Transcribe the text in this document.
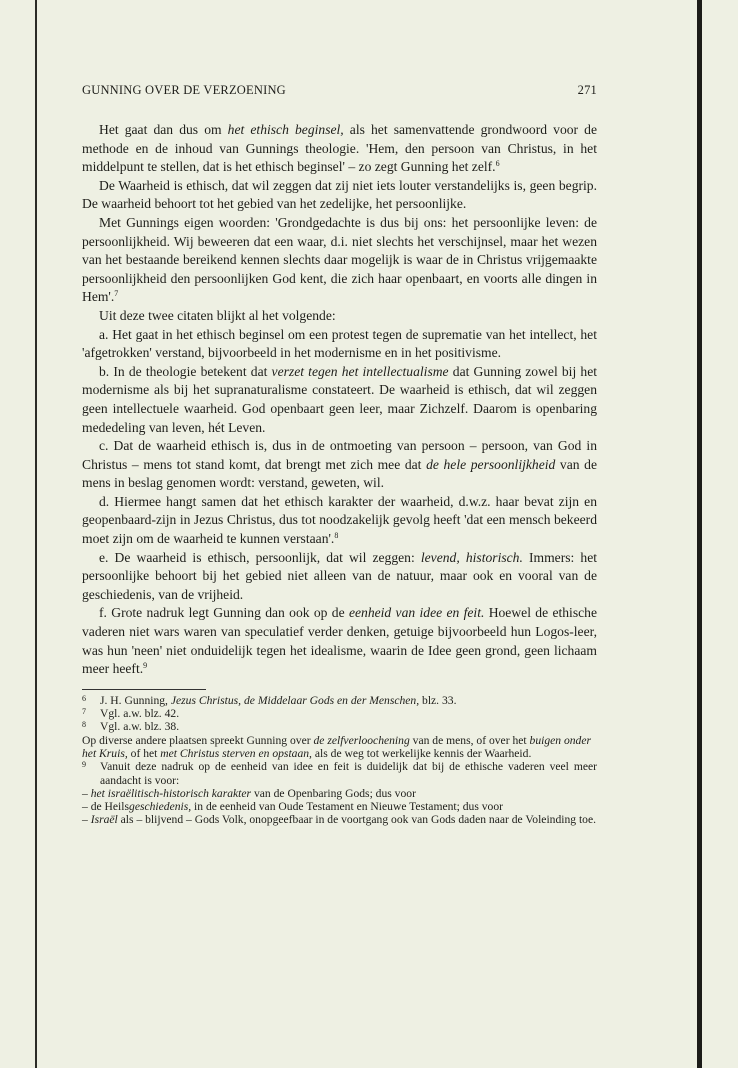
GUNNING OVER DE VERZOENING	271

Het gaat dan dus om het ethisch beginsel, als het samenvattende grondwoord voor de methode en de inhoud van Gunnings theologie. 'Hem, den persoon van Christus, in het middelpunt te stellen, dat is het ethisch beginsel' – zo zegt Gunning het zelf.$^6$

De Waarheid is ethisch, dat wil zeggen dat zij niet iets louter verstandelijks is, geen begrip. De waarheid behoort tot het gebied van het zedelijke, het persoonlijke.

Met Gunnings eigen woorden: 'Grondgedachte is dus bij ons: het persoonlijke leven: de persoonlijkheid. Wij beweeren dat een waar, d.i. niet slechts het verschijnsel, maar het wezen van het bestaande bereikend kennen slechts daar mogelijk is waar de in Christus vrijgemaakte persoonlijkheid den persoonlijken God kent, die zich haar openbaart, en voorts alle dingen in Hem'.$^7$

Uit deze twee citaten blijkt al het volgende:

a. Het gaat in het ethisch beginsel om een protest tegen de suprematie van het intellect, het 'afgetrokken' verstand, bijvoorbeeld in het modernisme en in het positivisme.

b. In de theologie betekent dat verzet tegen het intellectualisme dat Gunning zowel bij het modernisme als bij het supranaturalisme constateert. De waarheid is ethisch, dat wil zeggen geen intellectuele waarheid. God openbaart geen leer, maar Zichzelf. Daarom is openbaring mededeling van leven, hét Leven.

c. Dat de waarheid ethisch is, dus in de ontmoeting van persoon – persoon, van God in Christus – mens tot stand komt, dat brengt met zich mee dat de hele persoonlijkheid van de mens in beslag genomen wordt: verstand, geweten, wil.

d. Hiermee hangt samen dat het ethisch karakter der waarheid, d.w.z. haar bevat zijn en geopenbaard-zijn in Jezus Christus, dus tot noodzakelijk gevolg heeft 'dat een mensch bekeerd moet zijn om de waarheid te kunnen verstaan'.$^8$

e. De waarheid is ethisch, persoonlijk, dat wil zeggen: levend, historisch. Immers: het persoonlijke behoort bij het gebied niet alleen van de natuur, maar ook en vooral van de geschiedenis, van de vrijheid.

f. Grote nadruk legt Gunning dan ook op de eenheid van idee en feit. Hoewel de ethische vaderen niet wars waren van speculatief verder denken, getuige bijvoorbeeld hun Logos-leer, was hun 'neen' niet onduidelijk tegen het idealisme, waarin de Idee geen grond, geen lichaam meer heeft.$^9$

6	J. H. Gunning, Jezus Christus, de Middelaar Gods en der Menschen, blz. 33.
7	Vgl. a.w. blz. 42.
8	Vgl. a.w. blz. 38.
Op diverse andere plaatsen spreekt Gunning over de zelfverloochening van de mens, of over het buigen onder het Kruis, of het met Christus sterven en opstaan, als de weg tot werkelijke kennis der Waarheid.
9	Vanuit deze nadruk op de eenheid van idee en feit is duidelijk dat bij de ethische vaderen veel meer aandacht is voor:
– het israëlitisch-historisch karakter van de Openbaring Gods; dus voor
– de Heilsgeschiedenis, in de eenheid van Oude Testament en Nieuwe Testament; dus voor
– Israël als – blijvend – Gods Volk, onopgeefbaar in de voortgang ook van Gods daden naar de Voleinding toe.
